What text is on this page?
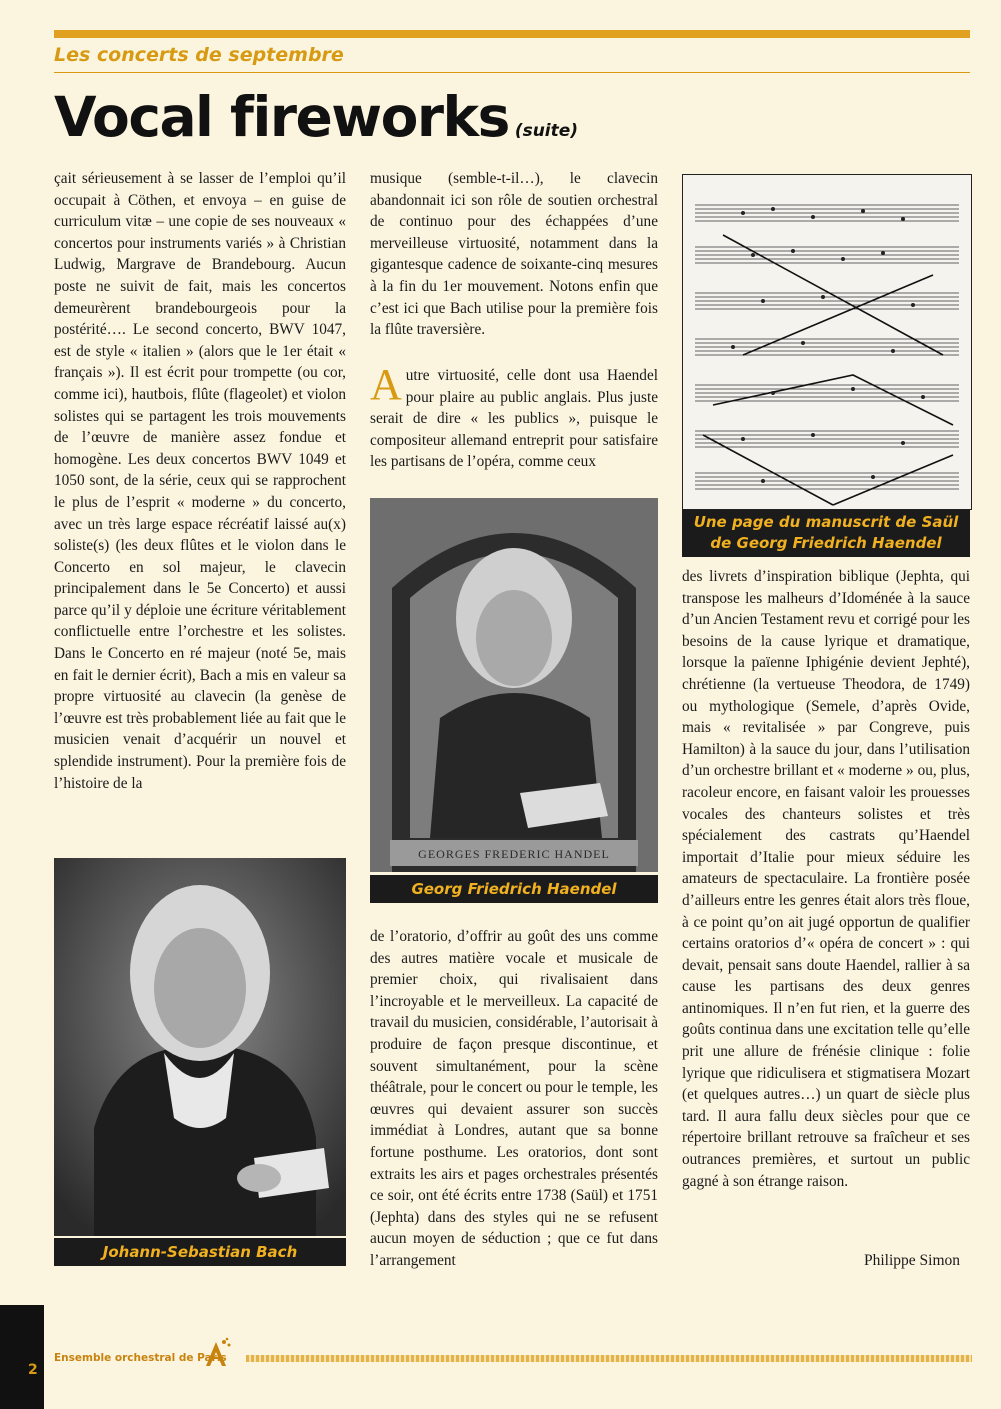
Les concerts de septembre
Vocal fireworks (suite)

çait sérieusement à se lasser de l’emploi qu’il occupait à Cöthen, et envoya – en guise de curriculum vitæ – une copie de ses nouveaux « concertos pour instruments variés » à Christian Ludwig, Margrave de Brandebourg. Aucun poste ne suivit de fait, mais les concertos demeurèrent brandebourgeois pour la postérité…. Le second concerto, BWV 1047, est de style « italien » (alors que le 1er était « français »). Il est écrit pour trompette (ou cor, comme ici), hautbois, flûte (flageolet) et violon solistes qui se partagent les trois mouvements de l’œuvre de manière assez fondue et homogène. Les deux concertos BWV 1049 et 1050 sont, de la série, ceux qui se rapprochent le plus de l’esprit « moderne » du concerto, avec un très large espace récréatif laissé au(x) soliste(s) (les deux flûtes et le violon dans le Concerto en sol majeur, le clavecin principalement dans le 5e Concerto) et aussi parce qu’il y déploie une écriture véritablement conflictuelle entre l’orchestre et les solistes. Dans le Concerto en ré majeur (noté 5e, mais en fait le dernier écrit), Bach a mis en valeur sa propre virtuosité au clavecin (la genèse de l’œuvre est très probablement liée au fait que le musicien venait d’acquérir un nouvel et splendide instrument). Pour la première fois de l’histoire de la

Johann-Sebastian Bach

musique (semble-t-il…), le clavecin abandonnait ici son rôle de soutien orchestral de continuo pour des échappées d’une merveilleuse virtuosité, notamment dans la gigantesque cadence de soixante-cinq mesures à la fin du 1er mouvement. Notons enfin que c’est ici que Bach utilise pour la première fois la flûte traversière.

Autre virtuosité, celle dont usa Haendel pour plaire au public anglais. Plus juste serait de dire « les publics », puisque le compositeur allemand entreprit pour satisfaire les partisans de l’opéra, comme ceux

GEORGES FREDERIC HANDEL
Georg Friedrich Haendel

de l’oratorio, d’offrir au goût des uns comme des autres matière vocale et musicale de premier choix, qui rivalisaient dans l’incroyable et le merveilleux. La capacité de travail du musicien, considérable, l’autorisait à produire de façon presque discontinue, et souvent simultanément, pour la scène théâtrale, pour le concert ou pour le temple, les œuvres qui devaient assurer son succès immédiat à Londres, autant que sa bonne fortune posthume. Les oratorios, dont sont extraits les airs et pages orchestrales présentés ce soir, ont été écrits entre 1738 (Saül) et 1751 (Jephta) dans des styles qui ne se refusent aucun moyen de séduction ; que ce fut dans l’arrangement

Une page du manuscrit de Saül de Georg Friedrich Haendel

des livrets d’inspiration biblique (Jephta, qui transpose les malheurs d’Idoménée à la sauce d’un Ancien Testament revu et corrigé pour les besoins de la cause lyrique et dramatique, lorsque la païenne Iphigénie devient Jephté), chrétienne (la vertueuse Theodora, de 1749) ou mythologique (Semele, d’après Ovide, mais « revitalisée » par Congreve, puis Hamilton) à la sauce du jour, dans l’utilisation d’un orchestre brillant et « moderne » ou, plus, racoleur encore, en faisant valoir les prouesses vocales des chanteurs solistes et très spécialement des castrats qu’Haendel importait d’Italie pour mieux séduire les amateurs de spectaculaire. La frontière posée d’ailleurs entre les genres était alors très floue, à ce point qu’on ait jugé opportun de qualifier certains oratorios d’« opéra de concert » : qui devait, pensait sans doute Haendel, rallier à sa cause les partisans des deux genres antinomiques. Il n’en fut rien, et la guerre des goûts continua dans une excitation telle qu’elle prit une allure de frénésie clinique : folie lyrique que ridiculisera et stigmatisera Mozart (et quelques autres…) un quart de siècle plus tard. Il aura fallu deux siècles pour que ce répertoire brillant retrouve sa fraîcheur et ses outrances premières, et surtout un public gagné à son étrange raison.

Philippe Simon
2
Ensemble orchestral de Paris
